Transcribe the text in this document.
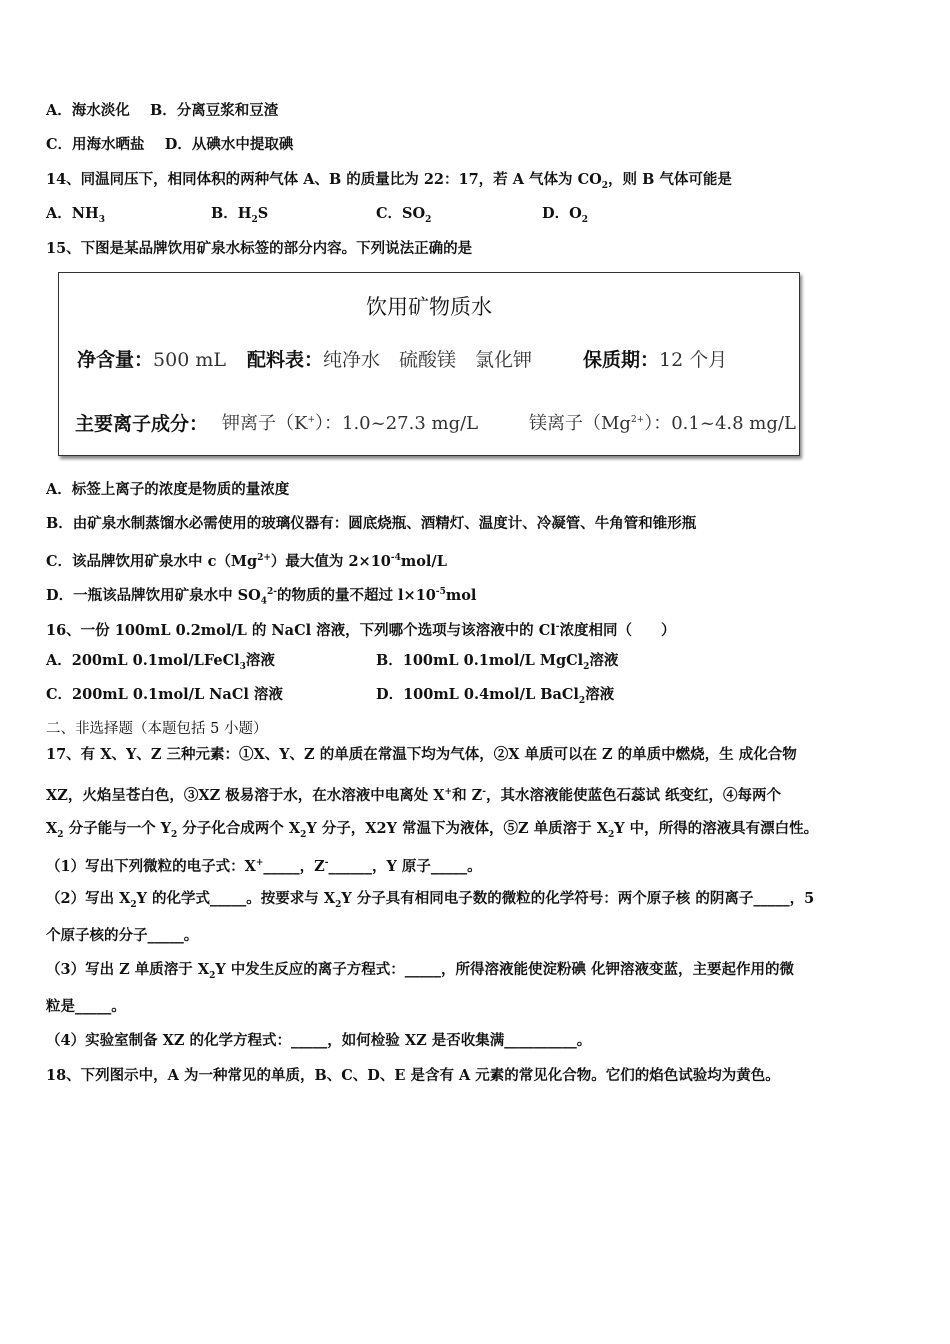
A．海水淡化 B．分离豆浆和豆渣
C．用海水晒盐 D．从碘水中提取碘
14、同温同压下，相同体积的两种气体 A、B 的质量比为 22：17，若 A 气体为 $CO_2$，则 B 气体可能是
A．$NH_3$	B．$H_2S$	C．$SO_2$	D．$O_2$
15、下图是某品牌饮用矿泉水标签的部分内容。下列说法正确的是
饮用矿物质水
净含量：500 mL 配料表：纯净水　硫酸镁　氯化钾	保质期：12 个月
主要离子成分： 钾离子（K+）：1.0~27.3 mg/L	镁离子$(Mg^{2+})$：0.1~4.8 mg/L
A．标签上离子的浓度是物质的量浓度
B．由矿泉水制蒸馏水必需使用的玻璃仪器有：圆底烧瓶、酒精灯、温度计、冷凝管、牛角管和锥形瓶
C．该品牌饮用矿泉水中 $c(Mg^{2+})$最大值为 $2\times 10^{-4}mol/L$
D．一瓶该品牌饮用矿泉水中 $SO_4^{2-}$的物质的量不超过 $l\times 10^{-5}mol$
16、一份 100mL 0.2mol/L 的 NaCl 溶液，下列哪个选项与该溶液中的 Cl-浓度相同（　　）
A．200mL 0.1mol/LFeCl$_3$溶液	B．100mL 0.1mol/L MgCl$_2$溶液
C．200mL 0.1mol/L NaCl 溶液	D．100mL 0.4mol/L BaCl$_2$溶液
二、非选择题（本题包括 5 小题）
17、有 X、Y、Z 三种元素：①X、Y、Z 的单质在常温下均为气体，②X 单质可以在 Z 的单质中燃烧，生 成化合物
XZ，火焰呈苍白色，③XZ 极易溶于水，在水溶液中电离处 X+和 Z-，其水溶液能使蓝色石蕊试 纸变红，④每两个
$X_2$ 分子能与一个 $Y_2$ 分子化合成两个 $X_2Y$ 分子，X2Y 常温下为液体，⑤Z 单质溶于 $X_2Y$ 中，所得的溶液具有漂白性。
（1）写出下列微粒的电子式：X+_____，Z-______，Y 原子_____。
（2）写出 $X_2Y$ 的化学式_____。按要求与 $X_2Y$ 分子具有相同电子数的微粒的化学符号：两个原子核 的阴离子_____，5
个原子核的分子_____。
（3）写出 Z 单质溶于 $X_2Y$ 中发生反应的离子方程式：_____，所得溶液能使淀粉碘 化钾溶液变蓝，主要起作用的微
粒是_____。
（4）实验室制备 XZ 的化学方程式：_____，如何检验 XZ 是否收集满__________。
18、下列图示中，A 为一种常见的单质，B、C、D、E 是含有 A 元素的常见化合物。它们的焰色试验均为黄色。
